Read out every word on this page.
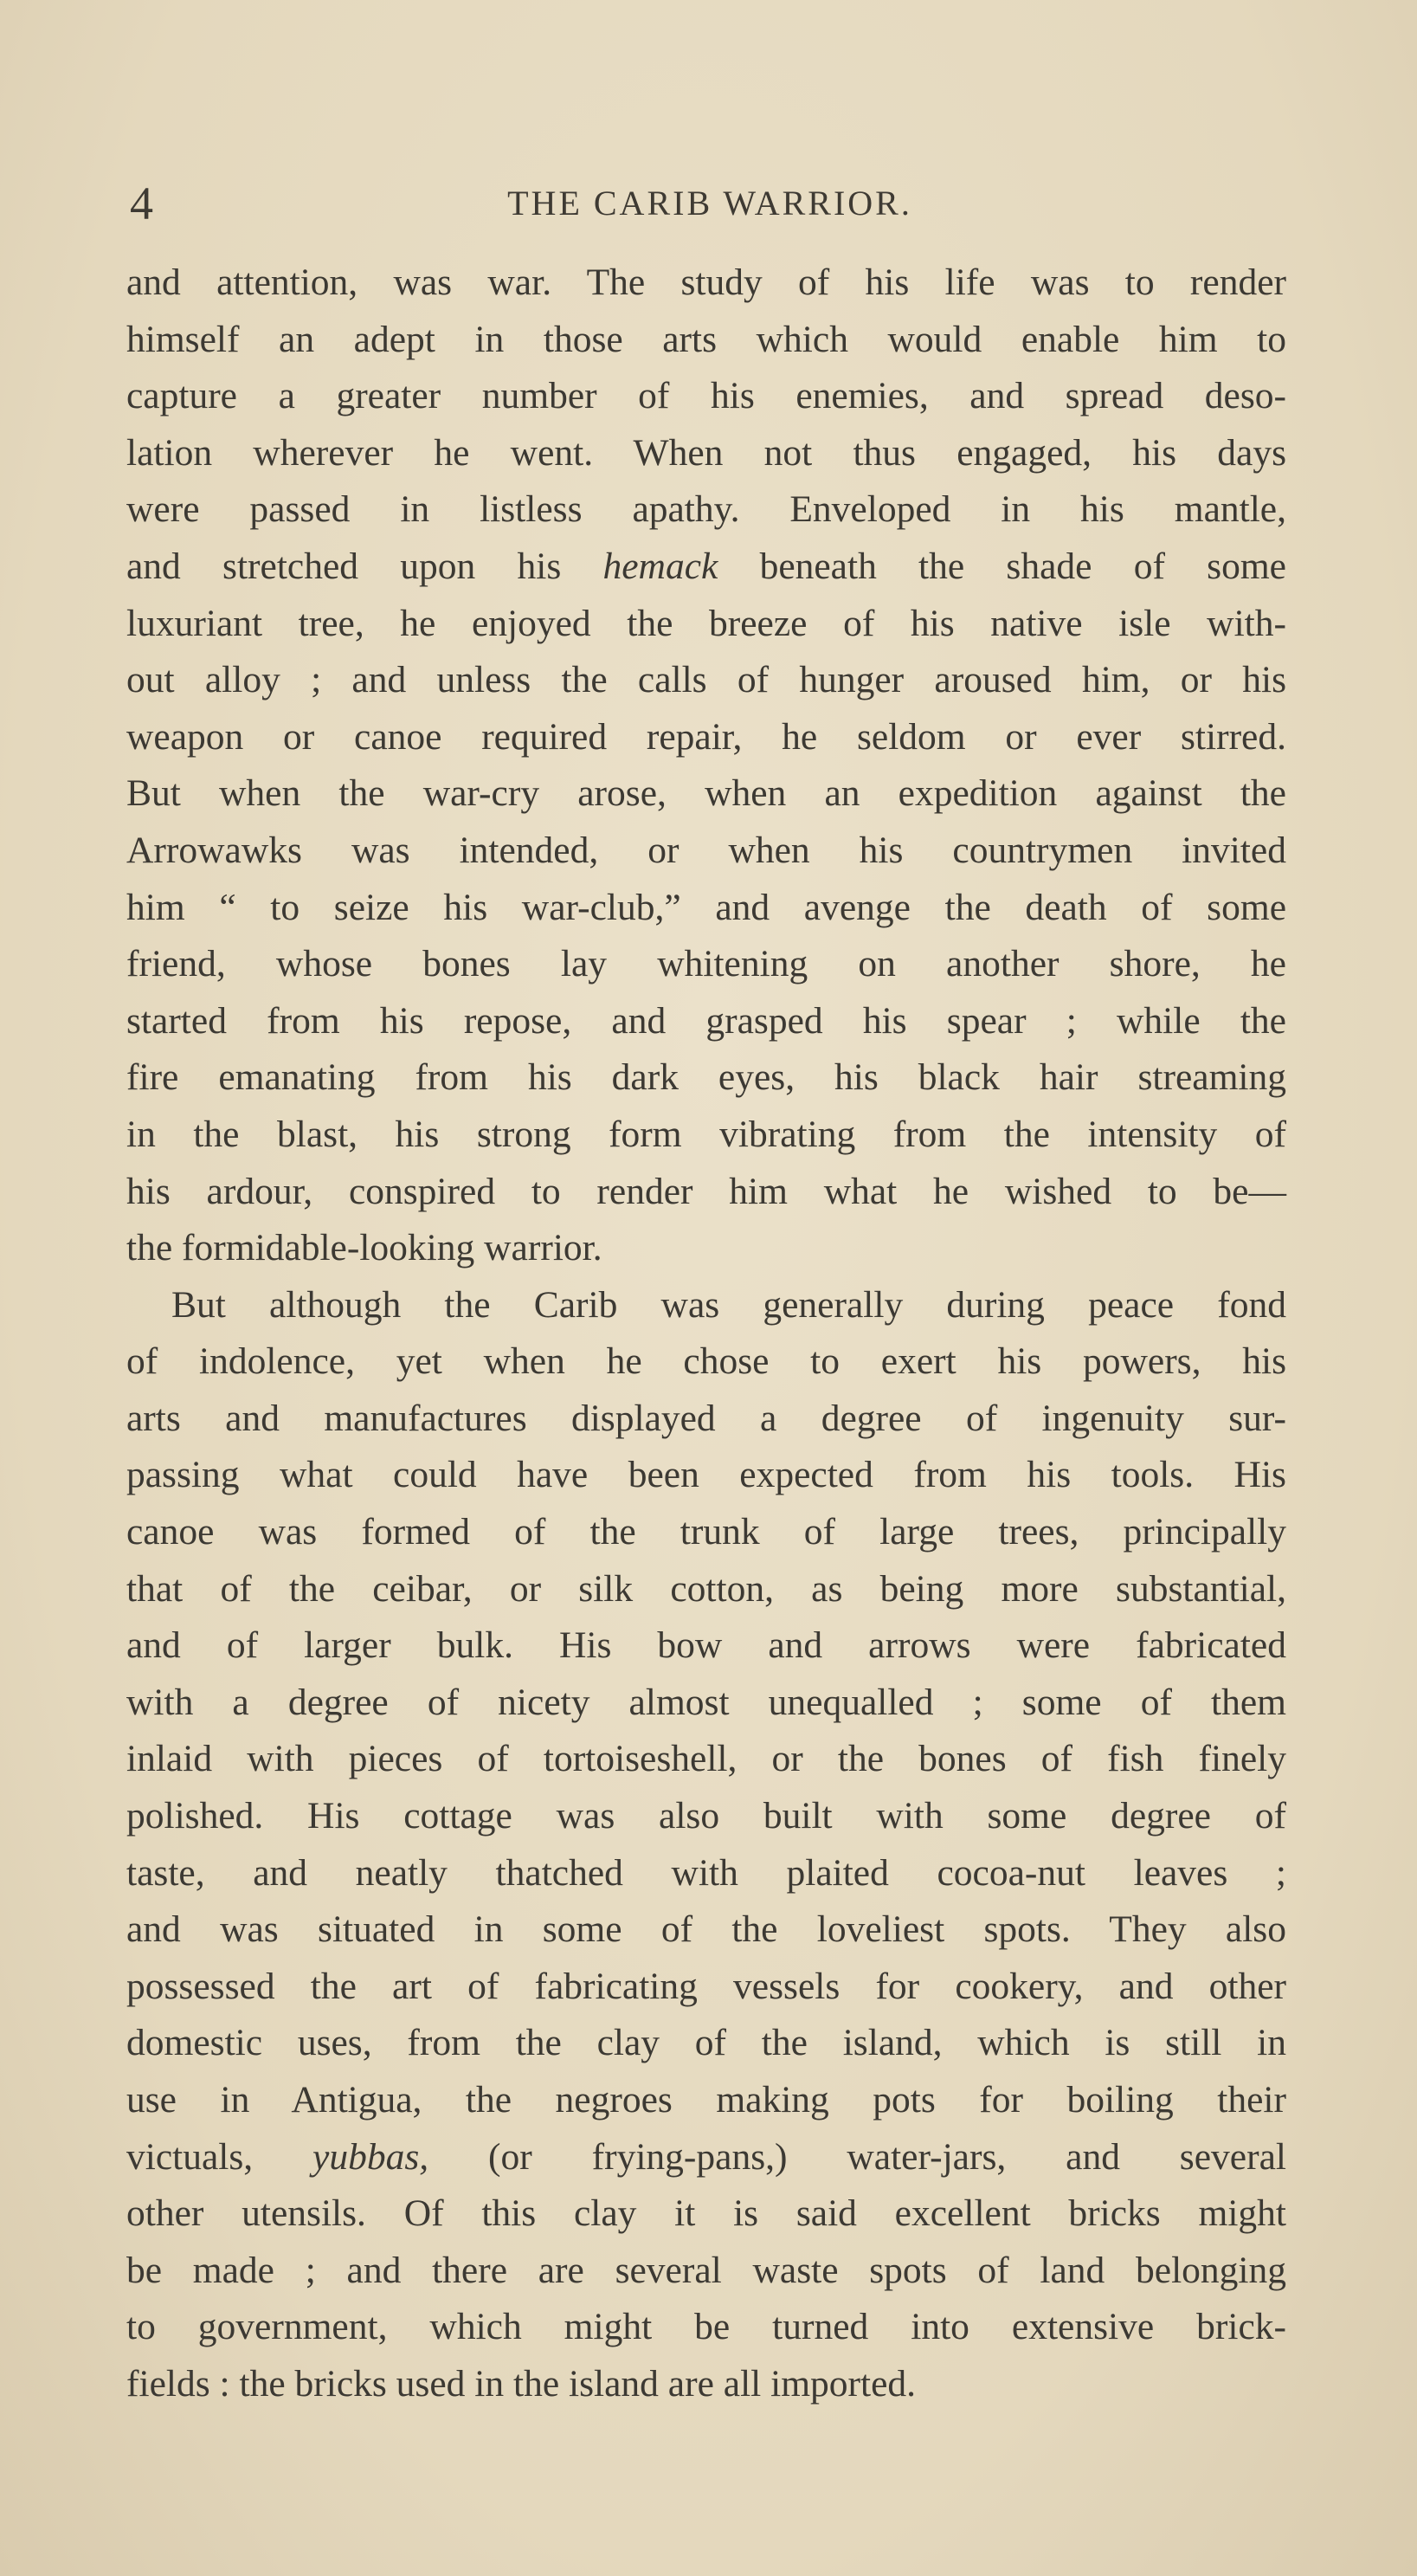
4	THE CARIB WARRIOR.
and attention, was war. The study of his life was to render
himself an adept in those arts which would enable him to
capture a greater number of his enemies, and spread deso-
lation wherever he went. When not thus engaged, his days
were passed in listless apathy. Enveloped in his mantle,
and stretched upon his hemack beneath the shade of some
luxuriant tree, he enjoyed the breeze of his native isle with-
out alloy ; and unless the calls of hunger aroused him, or his
weapon or canoe required repair, he seldom or ever stirred.
But when the war-cry arose, when an expedition against the
Arrowawks was intended, or when his countrymen invited
him “ to seize his war-club,” and avenge the death of some
friend, whose bones lay whitening on another shore, he
started from his repose, and grasped his spear ; while the
fire emanating from his dark eyes, his black hair streaming
in the blast, his strong form vibrating from the intensity of
his ardour, conspired to render him what he wished to be—
the formidable-looking warrior.
But although the Carib was generally during peace fond
of indolence, yet when he chose to exert his powers, his
arts and manufactures displayed a degree of ingenuity sur-
passing what could have been expected from his tools. His
canoe was formed of the trunk of large trees, principally
that of the ceibar, or silk cotton, as being more substantial,
and of larger bulk. His bow and arrows were fabricated
with a degree of nicety almost unequalled ; some of them
inlaid with pieces of tortoiseshell, or the bones of fish finely
polished. His cottage was also built with some degree of
taste, and neatly thatched with plaited cocoa-nut leaves ;
and was situated in some of the loveliest spots. They also
possessed the art of fabricating vessels for cookery, and other
domestic uses, from the clay of the island, which is still in
use in Antigua, the negroes making pots for boiling their
victuals, yubbas, (or frying-pans,) water-jars, and several
other utensils. Of this clay it is said excellent bricks might
be made ; and there are several waste spots of land belonging
to government, which might be turned into extensive brick-
fields : the bricks used in the island are all imported.
